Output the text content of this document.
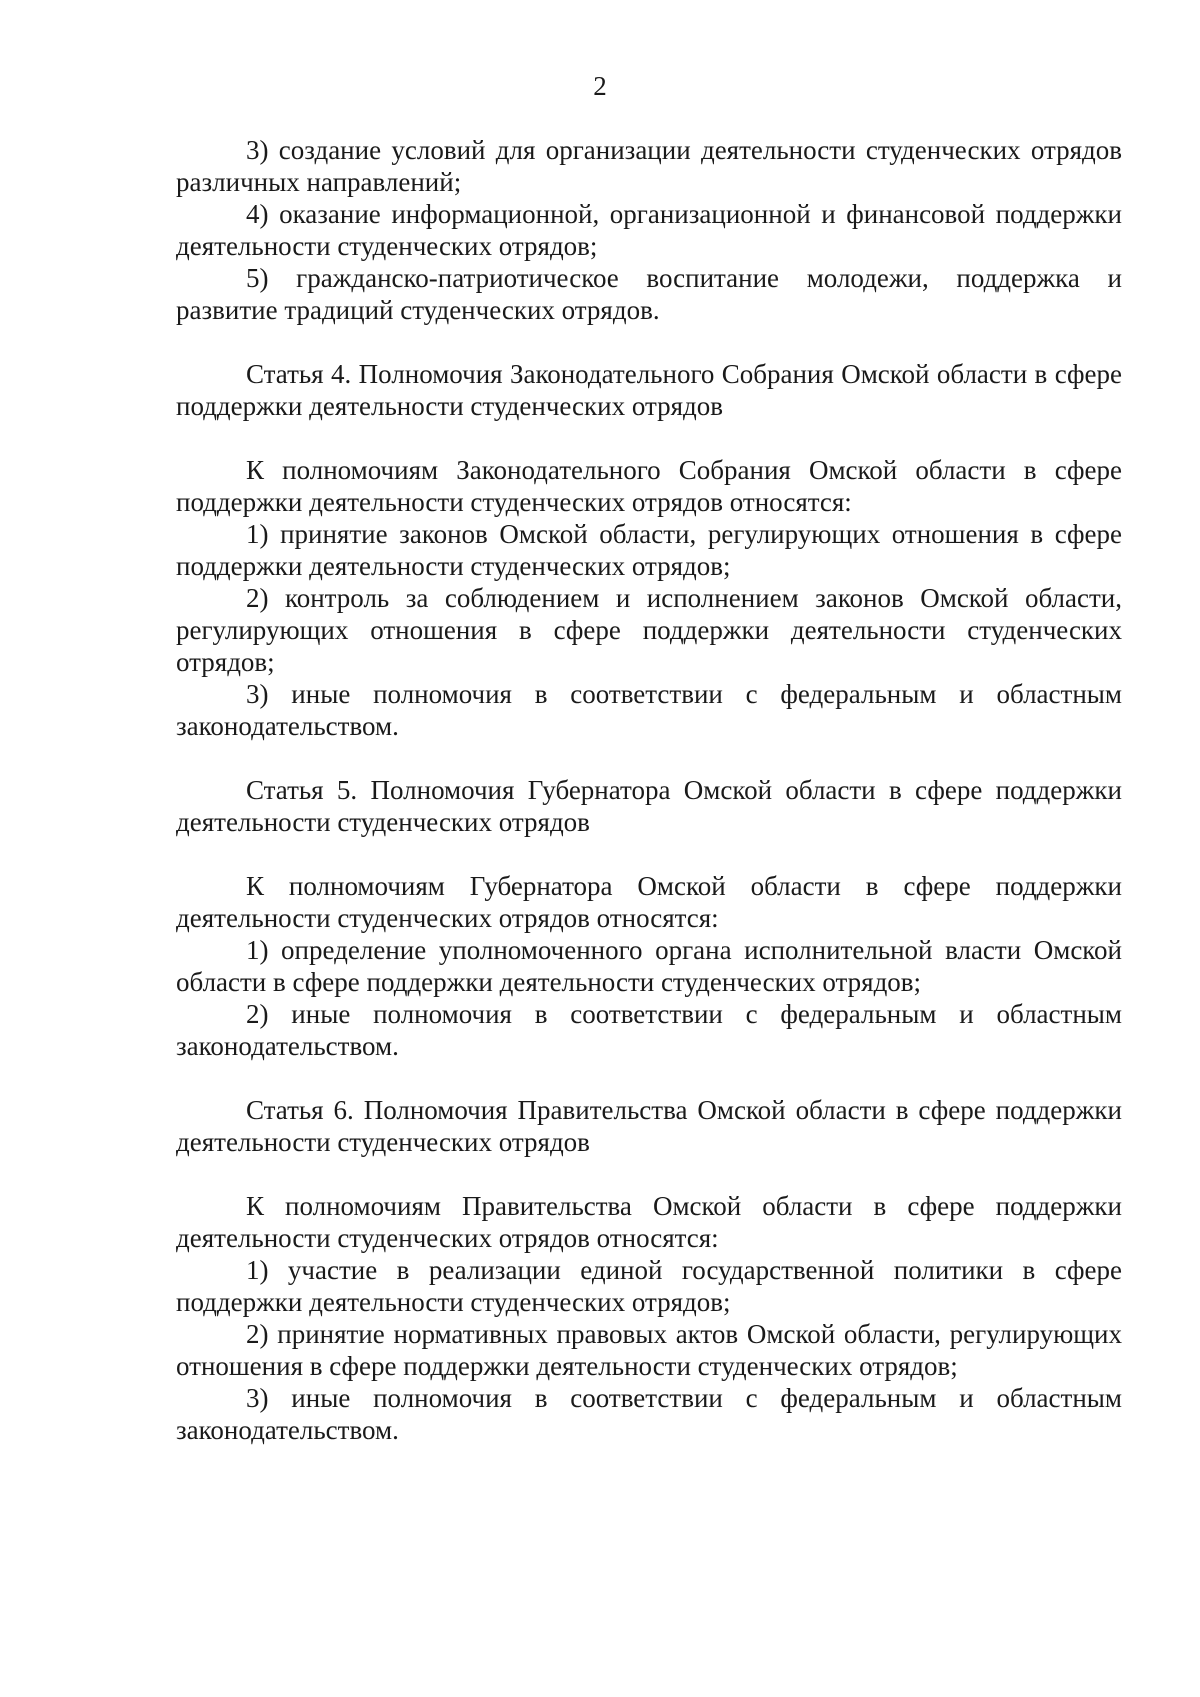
2

3) создание условий для организации деятельности студенческих отрядов различных направлений;

4) оказание информационной, организационной и финансовой поддержки деятельности студенческих отрядов;

5) гражданско-патриотическое воспитание молодежи, поддержка и развитие традиций студенческих отрядов.

Статья 4. Полномочия Законодательного Собрания Омской области в сфере поддержки деятельности студенческих отрядов

К полномочиям Законодательного Собрания Омской области в сфере поддержки деятельности студенческих отрядов относятся:

1) принятие законов Омской области, регулирующих отношения в сфере поддержки деятельности студенческих отрядов;

2) контроль за соблюдением и исполнением законов Омской области, регулирующих отношения в сфере поддержки деятельности студенческих отрядов;

3) иные полномочия в соответствии с федеральным и областным законодательством.

Статья 5. Полномочия Губернатора Омской области в сфере поддержки деятельности студенческих отрядов

К полномочиям Губернатора Омской области в сфере поддержки деятельности студенческих отрядов относятся:

1) определение уполномоченного органа исполнительной власти Омской области в сфере поддержки деятельности студенческих отрядов;

2) иные полномочия в соответствии с федеральным и областным законодательством.

Статья 6. Полномочия Правительства Омской области в сфере поддержки деятельности студенческих отрядов

К полномочиям Правительства Омской области в сфере поддержки деятельности студенческих отрядов относятся:

1) участие в реализации единой государственной политики в сфере поддержки деятельности студенческих отрядов;

2) принятие нормативных правовых актов Омской области, регулирующих отношения в сфере поддержки деятельности студенческих отрядов;

3) иные полномочия в соответствии с федеральным и областным законодательством.
